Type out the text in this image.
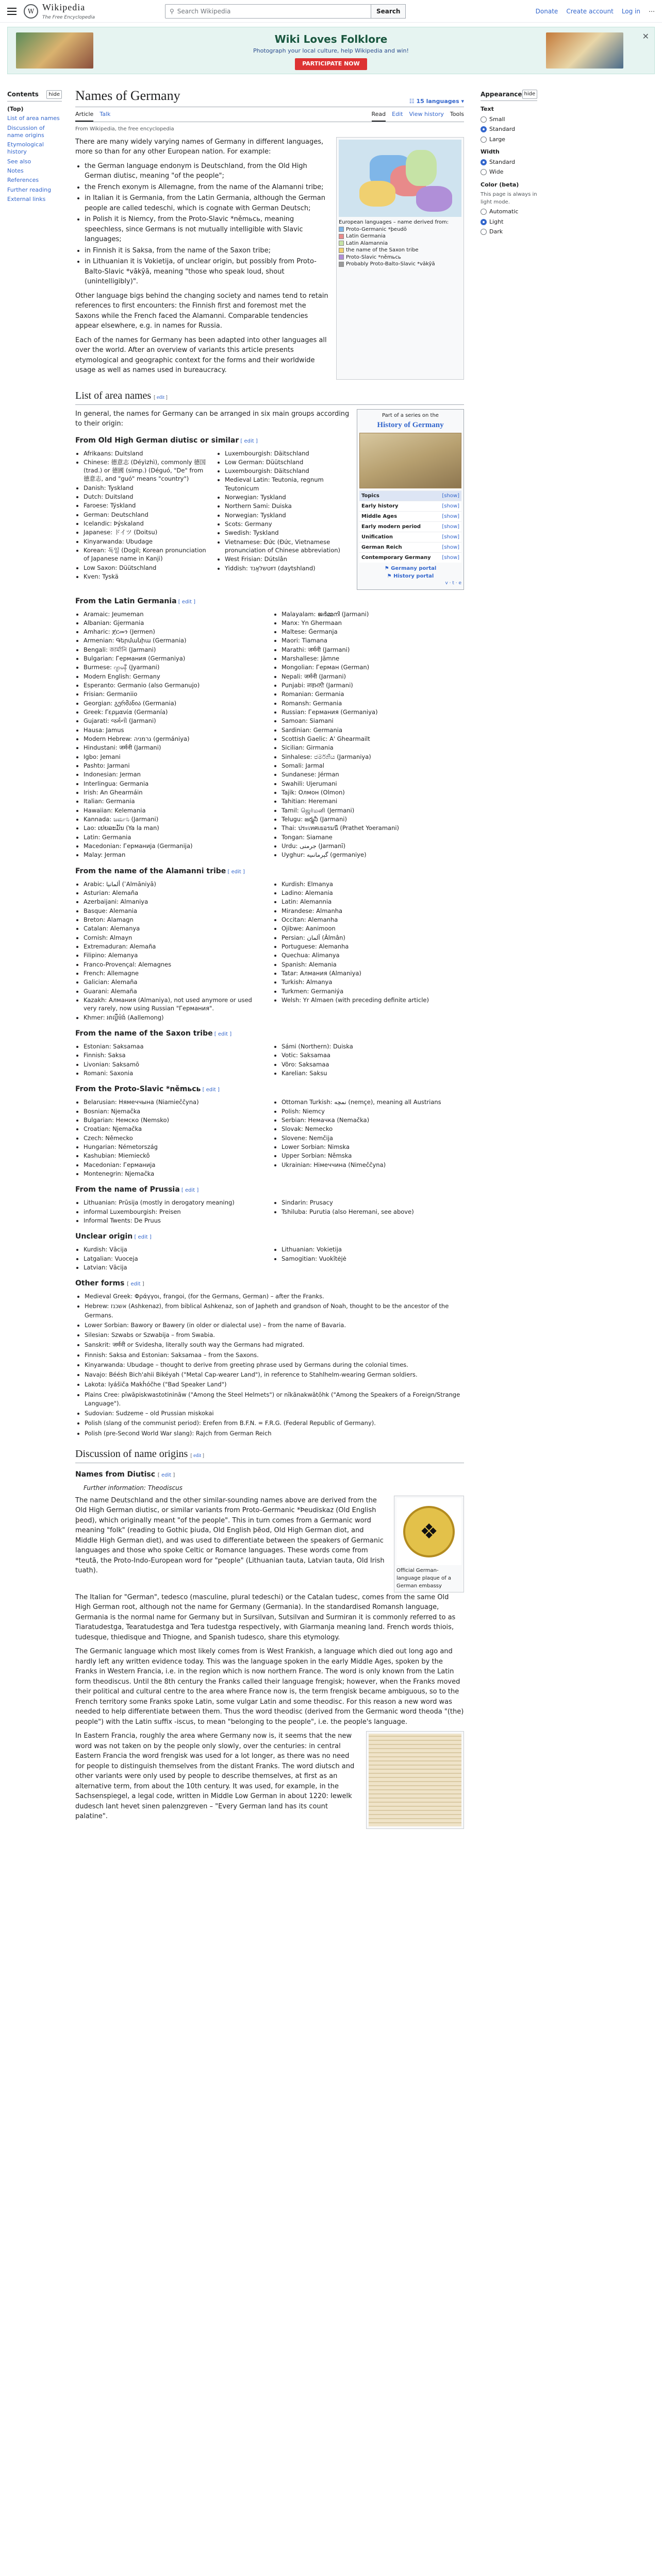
W Wikipedia
The Free Encyclopedia
⚲ Search Wikipedia	Search	Donate Create account Log in ⋯
Wiki Loves Folklore
Photograph your local culture, help Wikipedia and win!
PARTICIPATE NOW
✕
Contents	hide
(Top)
List of area names
Discussion of name origins
Etymological history
See also
Notes
References
Further reading
External links
Names of Germany	☷ 15 languages ▾
Article Talk	Read Edit View history Tools
From Wikipedia, the free encyclopedia

There are many widely varying names of Germany in different languages, more so than for any other European nation. For example:

• the German language endonym is Deutschland, from the Old High German diutisc, meaning "of the people";
• the French exonym is Allemagne, from the name of the Alamanni tribe;
• in Italian it is Germania, from the Latin Germania, although the German people are called tedeschi, which is cognate with German Deutsch;
• in Polish it is Niemcy, from the Proto-Slavic *němьcь, meaning speechless, since Germans is not mutually intelligible with Slavic languages;
• in Finnish it is Saksa, from the name of the Saxon tribe;
• in Lithuanian it is Vokietija, of unclear origin, but possibly from Proto-Balto-Slavic *vāky̑ā, meaning "those who speak loud, shout (unintelligibly)".

Other language bigs behind the changing society and names tend to retain references to first encounters: the Finnish first and foremost met the Saxons while the French faced the Alamanni. Comparable tendencies appear elsewhere, e.g. in names for Russia.

Each of the names for Germany has been adapted into other languages all over the world. After an overview of variants this article presents etymological and geographic context for the forms and their worldwide usage as well as names used in bureaucracy.

European languages – name derived from:
Proto-Germanic *þeudō
Latin Germania
Latin Alamannia
the name of the Saxon tribe
Proto-Slavic *němьcь
Probably Proto-Balto-Slavic *vāky̑ā
List of area names [ edit ]

In general, the names for Germany can be arranged in six main groups according to their origin:

From Old High German diutisc or similar [ edit ]
• Afrikaans: Duitsland
• Chinese: 德意志 (Déyìzhì), commonly 德国 (trad.) or 德國 (simp.) (Déguó, "De" from 德意志, and "guó" means "country")
• Danish: Tyskland
• Dutch: Duitsland
• Faroese: Týskland
• German: Deutschland
• Icelandic: Þýskaland
• Japanese: ドイツ (Doitsu)
• Kinyarwanda: Ubudage
• Korean: 독일 (Dogil; Korean pronunciation of Japanese name in Kanji)
• Low Saxon: Düütschland
• Kven: Tyskä
• Luxembourgish: Däitschland
• Low German: Düütschland
• Luxembourgish: Däitschland
• Medieval Latin: Teutonia, regnum Teutonicum
• Norwegian: Tyskland
• Northern Sami: Duiska
• Norwegian: Tyskland
• Scots: Germany
• Swedish: Tyskland
• Vietnamese: Đức (Đức, Vietnamese pronunciation of Chinese abbreviation)
• West Frisian: Dútslân
• Yiddish: דײַטשלאַנד (daytshland)
Part of a series on the
History of Germany
Topics	[show]
Early history	[show]
Middle Ages	[show]
Early modern period	[show]
Unification	[show]
German Reich	[show]
Contemporary Germany [show]
⚑ Germany portal
⚑ History portal
v · t · e
From the Latin Germania [ edit ]
• Aramaic: Jeumeman
• Albanian: Gjermania
• Amharic: ጀርመን (Jermen)
• Armenian: Գերմանիա (Germania)
• Bengali: জার্মানি (Jarmani)
• Bulgarian: Германия (Germaniya)
• Burmese: ဂျာမနီ (Jyarmani)
• Modern English: Germany
• Esperanto: Germanio (also Germanujo)
• Frisian: Germaniio
• Georgian: გერმანია (Germania)
• Greek: Γερμανία (Germanía)
• Gujarati: જર્મની (Jarmani)
• Hausa: Jamus
• Modern Hebrew: גרמניה (germániya)
• Hindustani: जर्मनी (Jarmani)
• Igbo: Jemani
• Pashto: Jarmani
• Indonesian: Jerman
• Interlingua: Germania
• Irish: An Ghearmáin
• Italian: Germania
• Hawaiian: Kelemania
• Kannada: ಜರ್ಮನಿ (Jarmani)
• Lao: ເຢຍລະມັນ (Ya la man)
• Latin: Germania
• Macedonian: Германија (Germanija)
• Malay: Jerman
• Malayalam: ജർമ്മനി (Jarmani)
• Manx: Yn Ghermaan
• Maltese: Ġermanja
• Maori: Tiamana
• Marathi: जर्मनी (Jarmani)
• Marshallese: Jāmne
• Mongolian: Герман (German)
• Nepali: जर्मनी (Jarmani)
• Punjabi: ਜਰਮਨੀ (Jarmani)
• Romanian: Germania
• Romansh: Germania
• Russian: Германия (Germaniya)
• Samoan: Siamani
• Sardinian: Germania
• Scottish Gaelic: A' Ghearmailt
• Sicilian: Girmania
• Sinhalese: ජර්මනිය (Jarmaniya)
• Somali: Jarmal
• Sundanese: Jérman
• Swahili: Ujerumani
• Tajik: Олмон (Olmon)
• Tahitian: Heremani
• Tamil: ஜெர்மனி (Jermani)
• Telugu: జర్మనీ (Jarmani)
• Thai: ประเทศเยอรมนี (Prathet Yoeramani)
• Tongan: Siamane
• Urdu: جرمنی (Jarmanī)
• Uyghur: گېرمانىيە (germaniye)
From the name of the Alamanni tribe [ edit ]
• Arabic: ألمانيا (ʾAlmāniyā)
• Asturian: Alemaña
• Azerbaijani: Almaniya
• Basque: Alemania
• Breton: Alamagn
• Catalan: Alemanya
• Cornish: Almayn
• Extremaduran: Alemaña
• Filipino: Alemanya
• Franco-Provençal: Alemagnes
• French: Allemagne
• Galician: Alemaña
• Guarani: Alemaña
• Kazakh: Алмания (Almaniya), not used anymore or used very rarely, now using Russian "Германия".
• Khmer: អាល្លឺម៉ង់ (Aallemong)
• Kurdish: Elmanya
• Ladino: Alemania
• Latin: Alemannia
• Mirandese: Almanha
• Occitan: Alemanha
• Ojibwe: Aanimoon
• Persian: آلمان (Âlmân)
• Portuguese: Alemanha
• Quechua: Alimanya
• Spanish: Alemania
• Tatar: Алмания (Almaniya)
• Turkish: Almanya
• Turkmen: Germaniýa
• Welsh: Yr Almaen (with preceding definite article)
From the name of the Saxon tribe [ edit ]
• Estonian: Saksamaa
• Finnish: Saksa
• Livonian: Saksamō
• Romani: Saxonia
• Sámi (Northern): Duiska
• Votic: Saksamaa
• Võro: Saksamaa
• Karelian: Saksu
From the Proto-Slavic *němьcь [ edit ]
• Belarusian: Нямеччына (Niamieččyna)
• Bosnian: Njemačka
• Bulgarian: Немско (Nemsko)
• Croatian: Njemačka
• Czech: Německo
• Hungarian: Németország
• Kashubian: Miemieckô
• Macedonian: Германија
• Montenegrin: Njemačka
• Ottoman Turkish: نمچه (nemçe), meaning all Austrians
• Polish: Niemcy
• Serbian: Немачка (Nemačka)
• Slovak: Nemecko
• Slovene: Nemčija
• Lower Sorbian: Nimska
• Upper Sorbian: Němska
• Ukrainian: Німеччина (Nimeččyna)
From the name of Prussia [ edit ]
• Lithuanian: Prūsija (mostly in derogatory meaning)
• informal Luxembourgish: Preisen
• Informal Twents: De Pruus
• Sindarin: Prusacy
• Tshiluba: Purutia (also Heremani, see above)
Unclear origin [ edit ]
• Kurdish: Vācija
• Latgalian: Vuoceja
• Latvian: Vācija
• Lithuanian: Vokietija
• Samogitian: Vuokītėjė
Other forms [ edit ]
• Medieval Greek: Φράγγοι, frangoi, (for the Germans, German) – after the Franks.
• Hebrew: אשכנז (Ashkenaz), from biblical Ashkenaz, son of Japheth and grandson of Noah, thought to be the ancestor of the Germans.
• Lower Sorbian: Bawory or Bawery (in older or dialectal use) – from the name of Bavaria.
• Silesian: Szwabs or Szwabija – from Swabia.
• Sanskrit: जर्मनी or Svidesha, literally south way the Germans had migrated.
• Finnish: Saksa and Estonian: Saksamaa – from the Saxons.
• Kinyarwanda: Ubudage – thought to derive from greeting phrase used by Germans during the colonial times.
• Navajo: Béésh Bich'ahii Bikéyah ("Metal Cap-wearer Land"), in reference to Stahlhelm-wearing German soldiers.
• Lakota: Iyášiča Makȟóčhe ("Bad Speaker Land")
• Plains Cree: pīwāpiskwastotinināw ("Among the Steel Helmets") or nīkānakwātōhk ("Among the Speakers of a Foreign/Strange Language").
• Sudovian: Sudzeme – old Prussian miskokai
• Polish (slang of the communist period): Erefen from B.F.N. = F.R.G. (Federal Republic of Germany).
• Polish (pre-Second World War slang): Rajch from German Reich
Discussion of name origins [ edit ]
Names from Diutisc [ edit ]
Further information: Theodiscus

The name Deutschland and the other similar-sounding names above are derived from the Old High German diutisc, or similar variants from Proto-Germanic *Þeudiskaz (Old English þeod), which originally meant "of the people". This in turn comes from a Germanic word meaning "folk" (reading to Gothic þiuda, Old English þēod, Old High German diot, and Middle High German diet), and was used to differentiate between the speakers of Germanic languages and those who spoke Celtic or Romance languages. These words come from *teutā, the Proto-Indo-European word for "people" (Lithuanian tauta, Latvian tauta, Old Irish tuath).

❖
Official German-language plaque of a German embassy

The Italian for "German", tedesco (masculine, plural tedeschi) or the Catalan tudesc, comes from the same Old High German root, although not the name for Germany (Germania). In the standardised Romansh language, Germania is the normal name for Germany but in Sursilvan, Sutsilvan and Surmiran it is commonly referred to as Tiaratudestga, Tearatudestga and Tera tudestga respectively, with Giarmanja meaning land. French words thiois, tudesque, thiedisque and Thiogne, and Spanish tudesco, share this etymology.

The Germanic language which most likely comes from is West Frankish, a language which died out long ago and hardly left any written evidence today. This was the language spoken in the early Middle Ages, spoken by the Franks in Western Francia, i.e. in the region which is now northern France. The word is only known from the Latin form theodiscus. Until the 8th century the Franks called their language frengisk; however, when the Franks moved their political and cultural centre to the area where France now is, the term frengisk became ambiguous, so to the French territory some Franks spoke Latin, some vulgar Latin and some theodisc. For this reason a new word was needed to help differentiate between them. Thus the word theodisc (derived from the Germanic word theoda "(the) people") with the Latin suffix -iscus, to mean "belonging to the people", i.e. the people's language.

In Eastern Francia, roughly the area where Germany now is, it seems that the new word was not taken on by the people only slowly, over the centuries: in central Eastern Francia the word frengisk was used for a lot longer, as there was no need for people to distinguish themselves from the distant Franks. The word diutsch and other variants were only used by people to describe themselves, at first as an alternative term, from about the 10th century. It was used, for example, in the Sachsenspiegel, a legal code, written in Middle Low German in about 1220: Iewelk dudesch lant hevet sinen palenzgreven – "Every German land has its count palatine".

Appearance hide
Text
Small
Standard
Large
Width
Standard
Wide
Color (beta)
This page is always in light mode.
Automatic
Light
Dark
